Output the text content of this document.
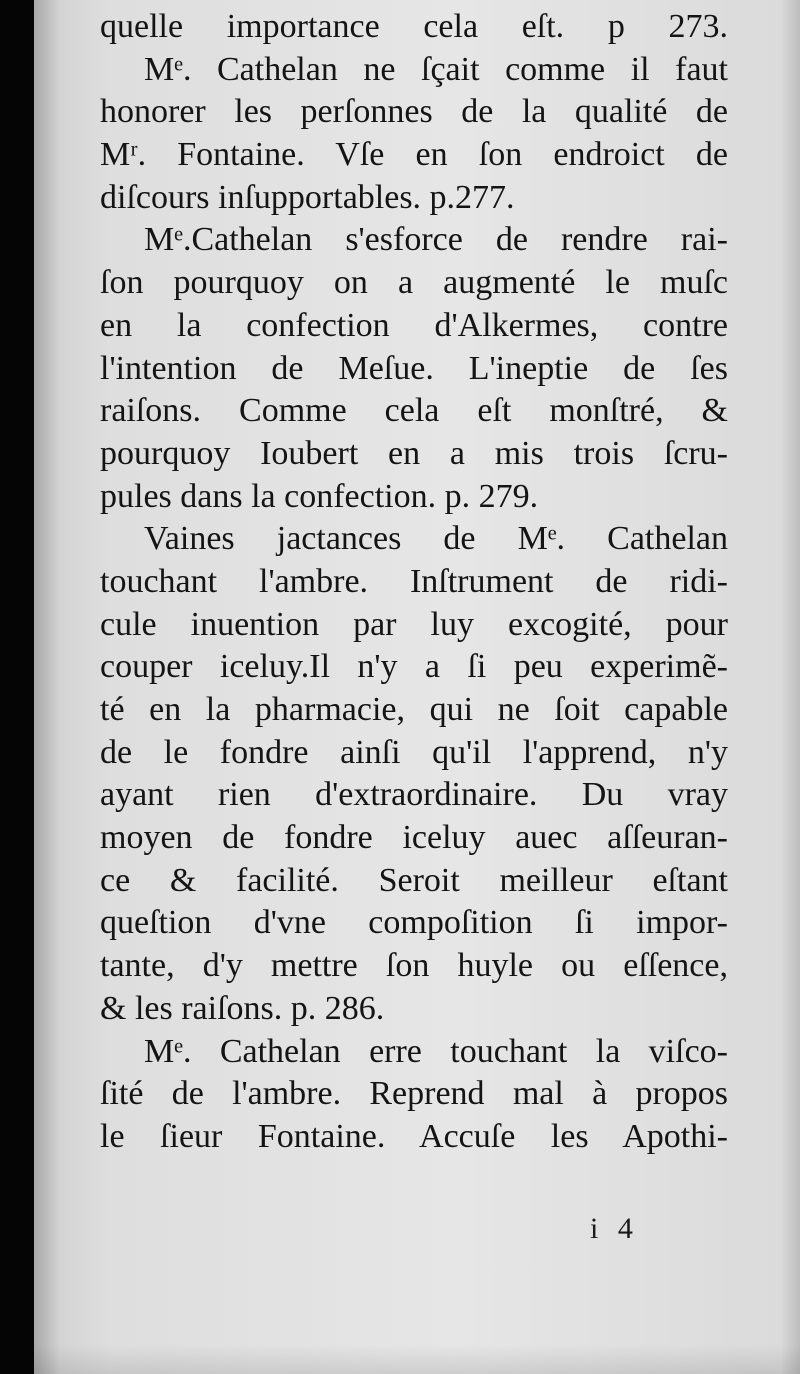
quelle importance cela eſt. p 273.
Mᵉ. Cathelan ne ſçait comme il faut
honorer les perſonnes de la qualité de
Mʳ. Fontaine. Vſe en ſon endroict de
diſcours inſupportables. p.277.
Mᵉ.Cathelan s'esforce de rendre rai-
ſon pourquoy on a augmenté le muſc
en la confection d'Alkermes, contre
l'intention de Meſue. L'ineptie de ſes
raiſons. Comme cela eſt monſtré, &
pourquoy Ioubert en a mis trois ſcru-
pules dans la confection. p. 279.
Vaines jactances de Mᵉ. Cathelan
touchant l'ambre. Inſtrument de ridi-
cule inuention par luy excogité, pour
couper iceluy.Il n'y a ſi peu experimẽ-
té en la pharmacie, qui ne ſoit capable
de le fondre ainſi qu'il l'apprend, n'y
ayant rien d'extraordinaire. Du vray
moyen de fondre iceluy auec aſſeuran-
ce & facilité. Seroit meilleur eſtant
queſtion d'vne compoſition ſi impor-
tante, d'y mettre ſon huyle ou eſſence,
& les raiſons. p. 286.
Mᵉ. Cathelan erre touchant la viſco-
ſité de l'ambre. Reprend mal à propos
le ſieur Fontaine. Accuſe les Apothi-
i 4
